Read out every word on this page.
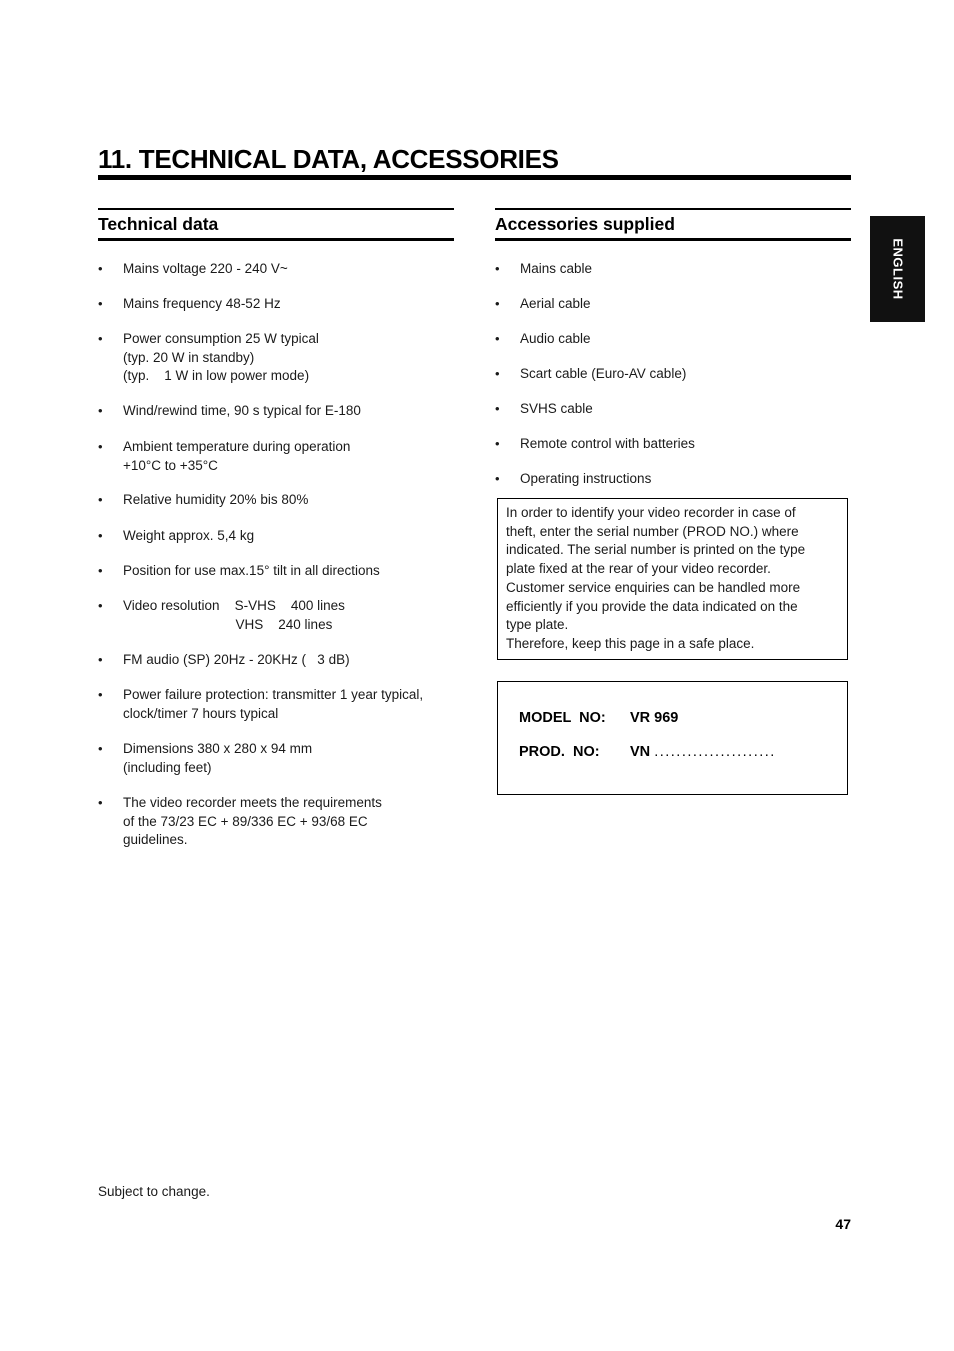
11. TECHNICAL DATA, ACCESSORIES
ENGLISH
Technical data
• Mains voltage 220 - 240 V~
• Mains frequency 48-52 Hz
• Power consumption 25 W typical
(typ. 20 W in standby)
(typ.    1 W in low power mode)
• Wind/rewind time, 90 s typical for E-180
• Ambient temperature during operation
+10°C to +35°C
• Relative humidity 20% bis 80%
• Weight approx. 5,4 kg
• Position for use max.15° tilt in all directions
• Video resolution    S-VHS    400 lines
VHS    240 lines
• FM audio (SP) 20Hz - 20KHz (   3 dB)
• Power failure protection: transmitter 1 year typical,
clock/timer 7 hours typical
• Dimensions 380 x 280 x 94 mm
(including feet)
• The video recorder meets the requirements
of the 73/23 EC + 89/336 EC + 93/68 EC
guidelines.
Accessories supplied
• Mains cable
• Aerial cable
• Audio cable
• Scart cable (Euro-AV cable)
• SVHS cable
• Remote control with batteries
• Operating instructions

In order to identify your video recorder in case of

theft, enter the serial number (PROD NO.) where

indicated. The serial number is printed on the type

plate fixed at the rear of your video recorder.

Customer service enquiries can be handled more

efficiently if you provide the data indicated on the

type plate.

Therefore, keep this page in a safe place.

MODEL  NO: VR 969
PROD.  NO: VN ......................
Subject to change.
47
